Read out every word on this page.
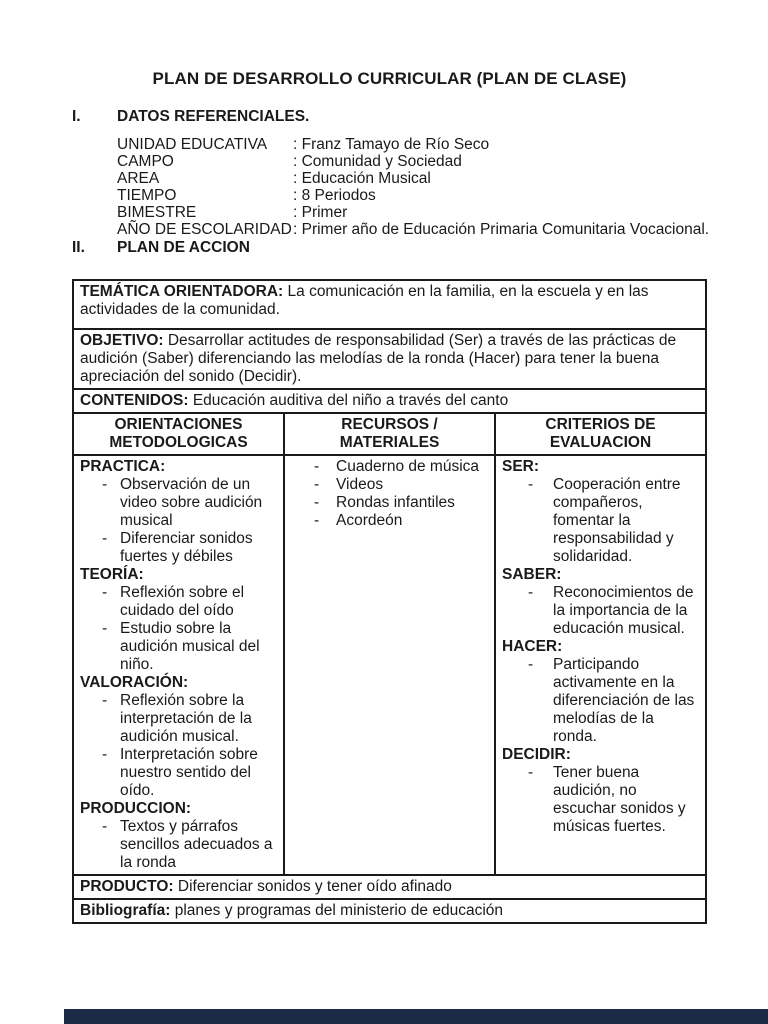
PLAN DE DESARROLLO CURRICULAR (PLAN DE CLASE)
I.	DATOS REFERENCIALES.
UNIDAD EDUCATIVA	: Franz Tamayo de Río Seco
CAMPO	: Comunidad y Sociedad
AREA	: Educación Musical
TIEMPO	: 8 Periodos
BIMESTRE	: Primer
AÑO DE ESCOLARIDAD : Primer año de Educación Primaria Comunitaria Vocacional.
II.	PLAN DE ACCION
TEMÁTICA ORIENTADORA: La comunicación en la familia, en la escuela y en las actividades de la comunidad.		
OBJETIVO: Desarrollar actitudes de responsabilidad (Ser) a través de las prácticas de audición (Saber) diferenciando las melodías de la ronda (Hacer) para tener la buena apreciación del sonido (Decidir).		
CONTENIDOS: Educación auditiva del niño a través del canto		
ORIENTACIONES METODOLOGICAS	RECURSOS / MATERIALES	CRITERIOS DE EVALUACION

PRACTICA:
- Observación de un video sobre audición musical
- Diferenciar sonidos fuertes y débiles
TEORÍA:
- Reflexión sobre el cuidado del oído
- Estudio sobre la audición musical del niño.
VALORACIÓN:
- Reflexión sobre la interpretación de la audición musical.
- Interpretación sobre nuestro sentido del oído.
PRODUCCION:
- Textos y párrafos sencillos adecuados a la ronda

-	Cuaderno de música
-	Videos
-	Rondas infantiles
-	Acordeón

SER:
-	Cooperación entre compañeros, fomentar la responsabilidad y solidaridad.
SABER:
-	Reconocimientos de la importancia de la educación musical.
HACER:
-	Participando activamente en la diferenciación de las melodías de la ronda.
DECIDIR:
-	Tener buena audición, no escuchar sonidos y músicas fuertes.

PRODUCTO: Diferenciar sonidos y tener oído afinado		
Bibliografía: planes y programas del ministerio de educación		
